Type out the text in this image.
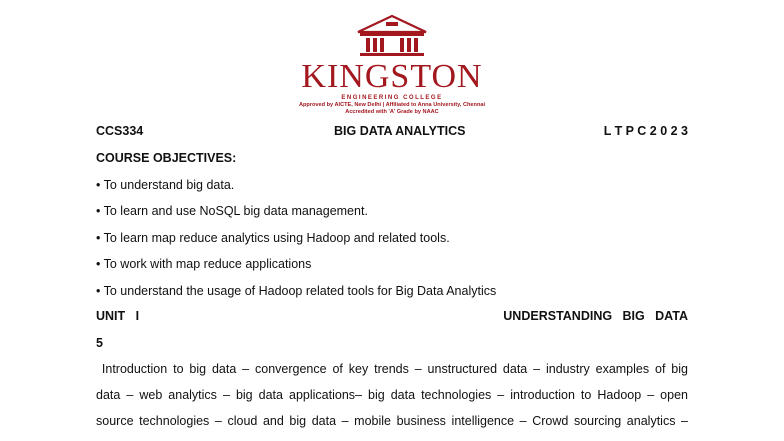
KINGSTON
ENGINEERING COLLEGE
Approved by AICTE, New Delhi | Affiliated to Anna University, Chennai
Accredited with 'A' Grade by NAAC
CCS334	BIG DATA ANALYTICS	L T P C 2 0 2 3
COURSE OBJECTIVES:
• To understand big data.
• To learn and use NoSQL big data management.
• To learn map reduce analytics using Hadoop and related tools.
• To work with map reduce applications
• To understand the usage of Hadoop related tools for Big Data Analytics
UNIT   I	UNDERSTANDING   BIG   DATA
5
Introduction to big data – convergence of key trends – unstructured data – industry examples of big
data – web analytics – big data applications– big data technologies – introduction to Hadoop – open
source technologies – cloud and big data – mobile business intelligence – Crowd sourcing analytics –
